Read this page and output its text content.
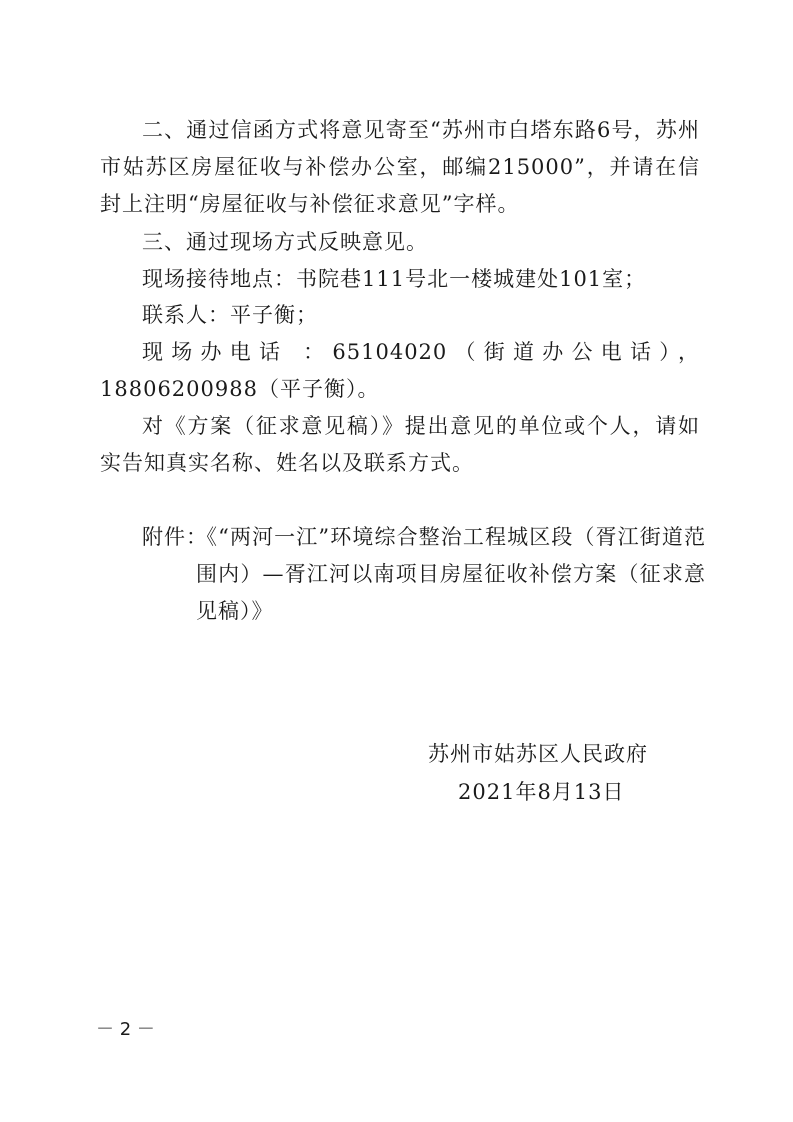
二、通过信函方式将意见寄至“苏州市白塔东路6号，苏州市姑苏区房屋征收与补偿办公室，邮编215000”，并请在信封上注明“房屋征收与补偿征求意见”字样。

三、通过现场方式反映意见。

现场接待地点：书院巷111号北一楼城建处101室；

联系人：平子衡；

现场办电话 ：65104020（街道办公电话），18806200988（平子衡）。

对《方案（征求意见稿）》提出意见的单位或个人，请如实告知真实名称、姓名以及联系方式。

附件：

《“两河一江”环境综合整治工程城区段（胥江街道范围内）—胥江河以南项目房屋征收补偿方案（征求意见稿）》

苏州市姑苏区人民政府
2021年8月13日
－ 2 －
